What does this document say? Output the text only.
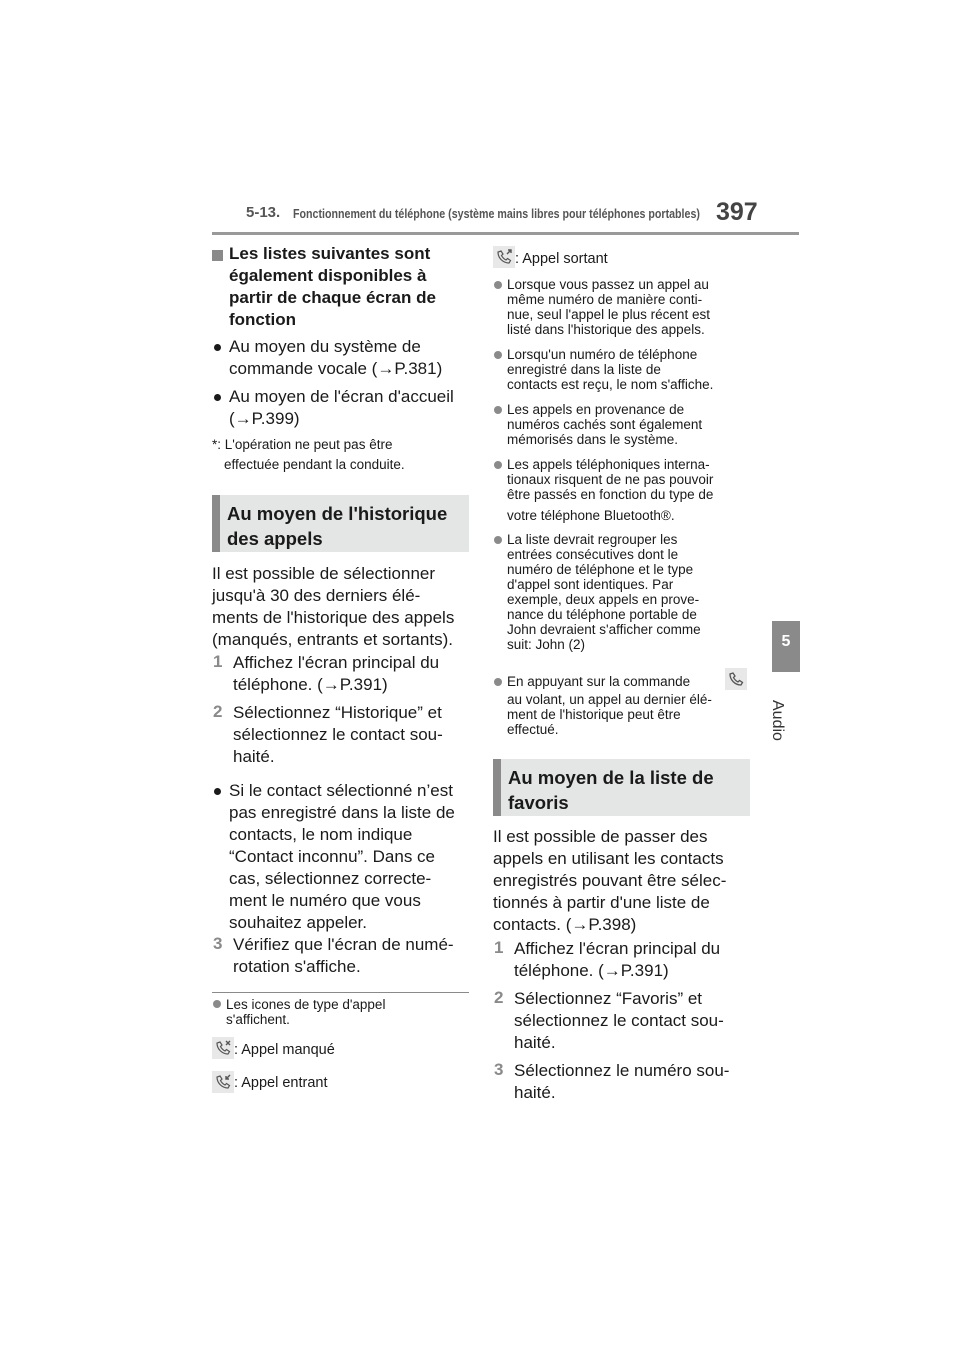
5-13. Fonctionnement du téléphone (système mains libres pour téléphones portables) 397
5
Audio
Les listes suivantes sont
également disponibles à
partir de chaque écran de
fonction
Au moyen du système de
commande vocale (→P.381)
Au moyen de l'écran d'accueil
(→P.399)
*: L'opération ne peut pas être
effectuée pendant la conduite.
Au moyen de l'historique
des appels
Il est possible de sélectionner
jusqu'à 30 des derniers élé-
ments de l'historique des appels
(manqués, entrants et sortants).
1 Affichez l'écran principal du
téléphone. (→P.391)
2 Sélectionnez “Historique” et
sélectionnez le contact sou-
haité.
Si le contact sélectionné n’est
pas enregistré dans la liste de
contacts, le nom indique
“Contact inconnu”. Dans ce
cas, sélectionnez correcte-
ment le numéro que vous
souhaitez appeler.
3 Vérifiez que l'écran de numé-
rotation s'affiche.
Les icones de type d'appel
s'affichent.
: Appel manqué
: Appel entrant
: Appel sortant
Lorsque vous passez un appel au
même numéro de manière conti-
nue, seul l'appel le plus récent est
listé dans l'historique des appels.
Lorsqu'un numéro de téléphone
enregistré dans la liste de
contacts est reçu, le nom s'affiche.
Les appels en provenance de
numéros cachés sont également
mémorisés dans le système.
Les appels téléphoniques interna-
tionaux risquent de ne pas pouvoir
être passés en fonction du type de
votre téléphone Bluetooth®.
La liste devrait regrouper les
entrées consécutives dont le
numéro de téléphone et le type
d'appel sont identiques. Par
exemple, deux appels en prove-
nance du téléphone portable de
John devraient s'afficher comme
suit: John (2)
En appuyant sur la commande
au volant, un appel au dernier élé-
ment de l'historique peut être
effectué.
Au moyen de la liste de
favoris
Il est possible de passer des
appels en utilisant les contacts
enregistrés pouvant être sélec-
tionnés à partir d'une liste de
contacts. (→P.398)
1 Affichez l'écran principal du
téléphone. (→P.391)
2 Sélectionnez “Favoris” et
sélectionnez le contact sou-
haité.
3 Sélectionnez le numéro sou-
haité.
